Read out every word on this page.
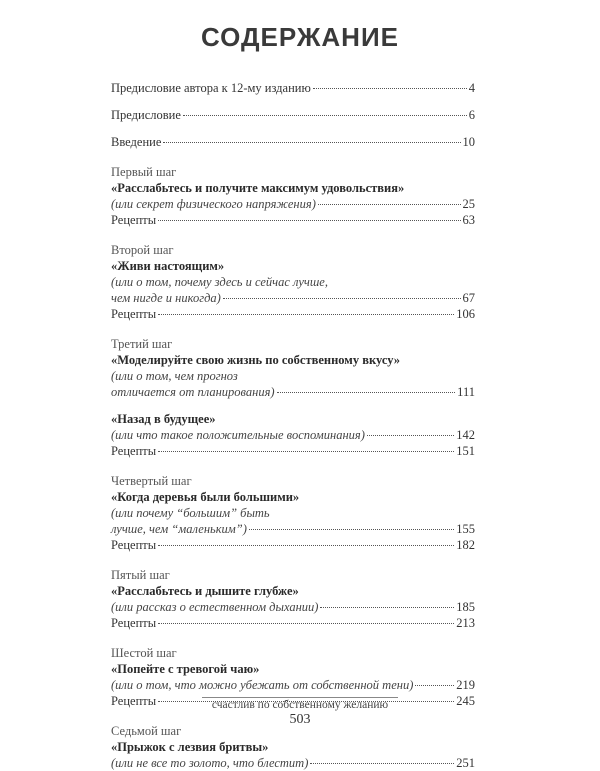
СОДЕРЖАНИЕ
Предисловие автора к 12-му изданию	4
Предисловие	6
Введение	10
Первый шаг
«Расслабьтесь и получите максимум удовольствия»
(или секрет физического напряжения)	25
Рецепты	63
Второй шаг
«Живи настоящим»
(или о том, почему здесь и сейчас лучше,
чем нигде и никогда)	67
Рецепты	106
Третий шаг
«Моделируйте свою жизнь по собственному вкусу»
(или о том, чем прогноз
отличается от планирования)	111
«Назад в будущее»
(или что такое положительные воспоминания)	142
Рецепты	151
Четвертый шаг
«Когда деревья были большими»
(или почему “большим” быть
лучше, чем “маленьким”)	155
Рецепты	182
Пятый шаг
«Расслабьтесь и дышите глубже»
(или рассказ о естественном дыхании)	185
Рецепты	213
Шестой шаг
«Попейте с тревогой чаю»
(или о том, что можно убежать от собственной тени)	219
Рецепты	245
Седьмой шаг
«Прыжок с лезвия бритвы»
(или не все то золото, что блестит)	251
счастлив по собственному желанию
503
